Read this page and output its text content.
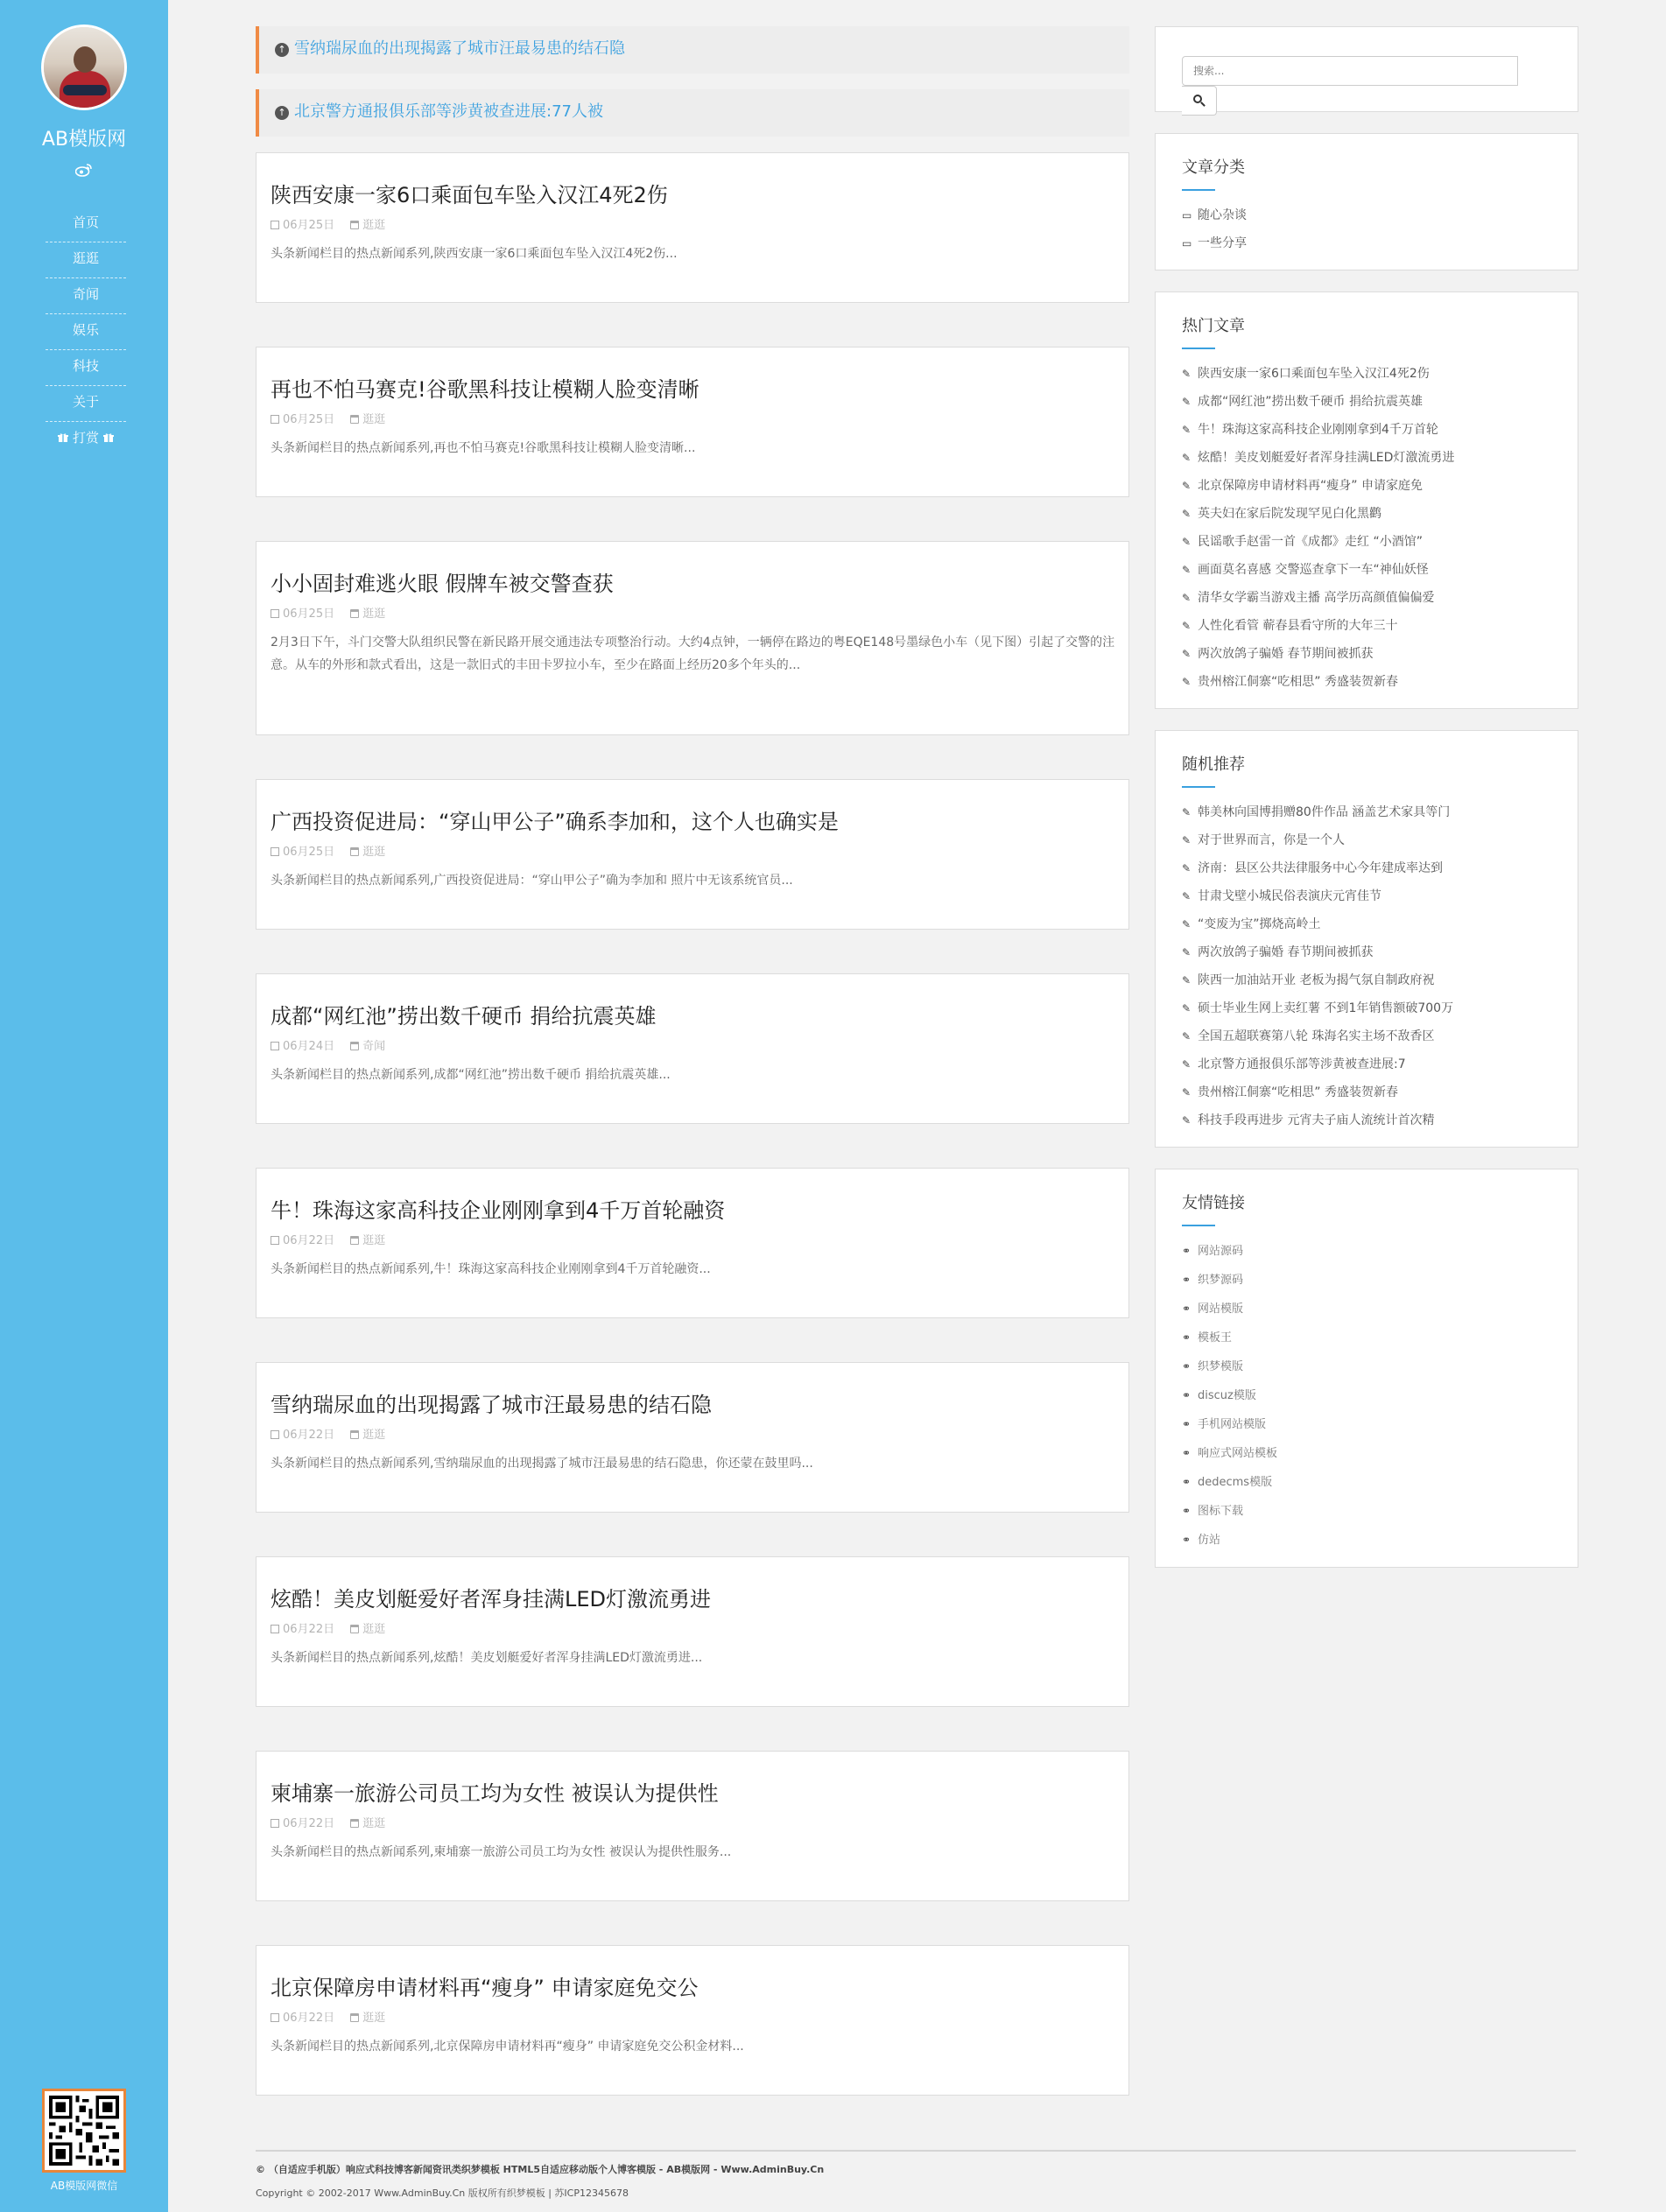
AB模版网
首页
逛逛
奇闻
娱乐
科技
关于
打赏
AB模版网微信
↑ 雪纳瑞尿血的出现揭露了城市汪最易患的结石隐
↑ 北京警方通报俱乐部等涉黄被查进展:77人被
陕西安康一家6口乘面包车坠入汉江4死2伤
06月25日 逛逛

头条新闻栏目的热点新闻系列,陕西安康一家6口乘面包车坠入汉江4死2伤...

再也不怕马赛克!谷歌黑科技让模糊人脸变清晰
06月25日 逛逛

头条新闻栏目的热点新闻系列,再也不怕马赛克!谷歌黑科技让模糊人脸变清晰...

小小固封难逃火眼 假牌车被交警查获
06月25日 逛逛

2月3日下午，斗门交警大队组织民警在新民路开展交通违法专项整治行动。大约4点钟，一辆停在路边的粤EQE148号墨绿色小车（见下图）引起了交警的注意。从车的外形和款式看出，这是一款旧式的丰田卡罗拉小车，至少在路面上经历20多个年头的...

广西投资促进局：“穿山甲公子”确系李加和，这个人也确实是
06月25日 逛逛

头条新闻栏目的热点新闻系列,广西投资促进局：“穿山甲公子”确为李加和 照片中无该系统官员...

成都“网红池”捞出数千硬币 捐给抗震英雄
06月24日 奇闻

头条新闻栏目的热点新闻系列,成都“网红池”捞出数千硬币 捐给抗震英雄...

牛！珠海这家高科技企业刚刚拿到4千万首轮融资
06月22日 逛逛

头条新闻栏目的热点新闻系列,牛！珠海这家高科技企业刚刚拿到4千万首轮融资...

雪纳瑞尿血的出现揭露了城市汪最易患的结石隐
06月22日 逛逛

头条新闻栏目的热点新闻系列,雪纳瑞尿血的出现揭露了城市汪最易患的结石隐患，你还蒙在鼓里吗...

炫酷！美皮划艇爱好者浑身挂满LED灯激流勇进
06月22日 逛逛

头条新闻栏目的热点新闻系列,炫酷！美皮划艇爱好者浑身挂满LED灯激流勇进...

柬埔寨一旅游公司员工均为女性 被误认为提供性
06月22日 逛逛

头条新闻栏目的热点新闻系列,柬埔寨一旅游公司员工均为女性 被误认为提供性服务...

北京保障房申请材料再“瘦身” 申请家庭免交公
06月22日 逛逛

头条新闻栏目的热点新闻系列,北京保障房申请材料再“瘦身” 申请家庭免交公积金材料...

搜索...
文章分类
▭ 随心杂谈
▭ 一些分享
热门文章
✎ 陕西安康一家6口乘面包车坠入汉江4死2伤
✎ 成都“网红池”捞出数千硬币 捐给抗震英雄
✎ 牛！珠海这家高科技企业刚刚拿到4千万首轮
✎ 炫酷！美皮划艇爱好者浑身挂满LED灯激流勇进
✎ 北京保障房申请材料再“瘦身” 申请家庭免
✎ 英夫妇在家后院发现罕见白化黑鹳
✎ 民谣歌手赵雷一首《成都》走红 “小酒馆”
✎ 画面莫名喜感 交警巡查拿下一车“神仙妖怪
✎ 清华女学霸当游戏主播 高学历高颜值偏偏爱
✎ 人性化看管 蕲春县看守所的大年三十
✎ 两次放鸽子骗婚 春节期间被抓获
✎ 贵州榕江侗寨“吃相思” 秀盛装贺新春
随机推荐
✎ 韩美林向国博捐赠80件作品 涵盖艺术家具等门
✎ 对于世界而言，你是一个人
✎ 济南：县区公共法律服务中心今年建成率达到
✎ 甘肃戈壁小城民俗表演庆元宵佳节
✎ “变废为宝”掷烧高岭土
✎ 两次放鸽子骗婚 春节期间被抓获
✎ 陕西一加油站开业 老板为揭气氛自制政府祝
✎ 硕士毕业生网上卖红薯 不到1年销售额破700万
✎ 全国五超联赛第八轮 珠海名实主场不敌香区
✎ 北京警方通报俱乐部等涉黄被查进展:7
✎ 贵州榕江侗寨“吃相思” 秀盛装贺新春
✎ 科技手段再进步 元宵夫子庙人流统计首次精
友情链接
⚭ 网站源码
⚭ 织梦源码
⚭ 网站模版
⚭ 模板王
⚭ 织梦模版
⚭ discuz模版
⚭ 手机网站模版
⚭ 响应式网站模板
⚭ dedecms模版
⚭ 图标下载
⚭ 仿站
© （自适应手机版）响应式科技博客新闻资讯类织梦模板 HTML5自适应移动版个人博客模版 - AB模版网 - Www.AdminBuy.Cn
Copyright © 2002-2017 Www.AdminBuy.Cn 版权所有织梦模板 | 苏ICP12345678
